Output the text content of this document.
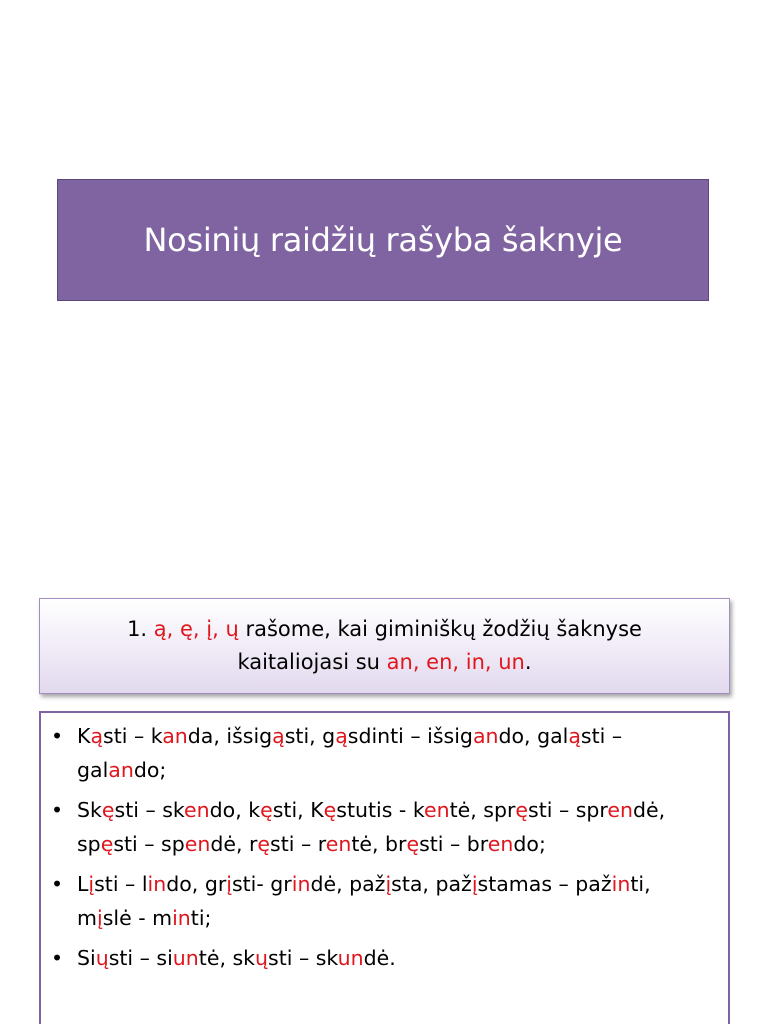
Nosinių raidžių rašyba šaknyje
1. ą, ę, į, ų rašome, kai giminiškų žodžių šaknyse
kaitaliojasi su an, en, in, un.
• Kąsti – kanda, išsigąsti, gąsdinti – išsigando, galąsti – galando;
• Skęsti – skendo, kęsti, Kęstutis - kentė, spręsti – sprendė, spęsti – spendė, ręsti – rentė, bręsti – brendo;
• Lįsti – lindo, grįsti- grindė, pažįsta, pažįstamas – pažinti, mįslė - minti;
• Siųsti – siuntė, skųsti – skundė.
